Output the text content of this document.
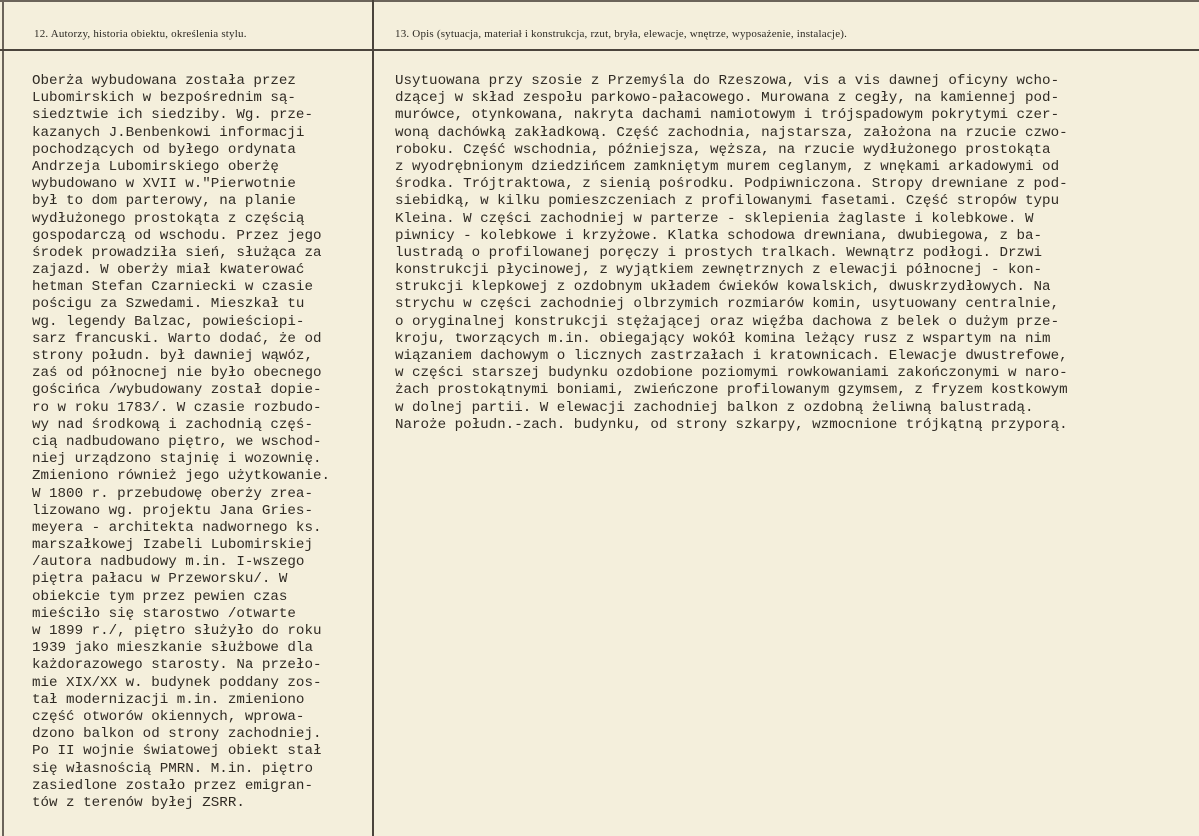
12. Autorzy, historia obiektu, określenia stylu.	13. Opis (sytuacja, materiał i konstrukcja, rzut, bryła, elewacje, wnętrze, wyposażenie, instalacje).
Oberża wybudowana została przez
Lubomirskich w bezpośrednim są-
siedztwie ich siedziby. Wg. prze-
kazanych J.Benbenkowi informacji
pochodzących od byłego ordynata
Andrzeja Lubomirskiego oberżę
wybudowano w XVII w."Pierwotnie
był to dom parterowy, na planie
wydłużonego prostokąta z częścią
gospodarczą od wschodu. Przez jego
środek prowadziła sień, służąca za
zajazd. W oberży miał kwaterować
hetman Stefan Czarniecki w czasie
pościgu za Szwedami. Mieszkał tu
wg. legendy Balzac, powieściopi-
sarz francuski. Warto dodać, że od
strony połudn. był dawniej wąwóz,
zaś od północnej nie było obecnego
gościńca /wybudowany został dopie-
ro w roku 1783/. W czasie rozbudo-
wy nad środkową i zachodnią częś-
cią nadbudowano piętro, we wschod-
niej urządzono stajnię i wozownię.
Zmieniono również jego użytkowanie.
W 1800 r. przebudowę oberży zrea-
lizowano wg. projektu Jana Gries-
meyera - architekta nadwornego ks.
marszałkowej Izabeli Lubomirskiej
/autora nadbudowy m.in. I-wszego
piętra pałacu w Przeworsku/. W
obiekcie tym przez pewien czas
mieściło się starostwo /otwarte
w 1899 r./, piętro służyło do roku
1939 jako mieszkanie służbowe dla
każdorazowego starosty. Na przeło-
mie XIX/XX w. budynek poddany zos-
tał modernizacji m.in. zmieniono
część otworów okiennych, wprowa-
dzono balkon od strony zachodniej.
Po II wojnie światowej obiekt stał
się własnością PMRN. M.in. piętro
zasiedlone zostało przez emigran-
tów z terenów byłej ZSRR.
Usytuowana przy szosie z Przemyśla do Rzeszowa, vis a vis dawnej oficyny wcho-
dzącej w skład zespołu parkowo-pałacowego. Murowana z cegły, na kamiennej pod-
murówce, otynkowana, nakryta dachami namiotowym i trójspadowym pokrytymi czer-
woną dachówką zakładkową. Część zachodnia, najstarsza, założona na rzucie czwo-
roboku. Część wschodnia, późniejsza, węższa, na rzucie wydłużonego prostokąta
z wyodrębnionym dziedzińcem zamkniętym murem ceglanym, z wnękami arkadowymi od
środka. Trójtraktowa, z sienią pośrodku. Podpiwniczona. Stropy drewniane z pod-
siebidką, w kilku pomieszczeniach z profilowanymi fasetami. Część stropów typu
Kleina. W części zachodniej w parterze - sklepienia żaglaste i kolebkowe. W
piwnicy - kolebkowe i krzyżowe. Klatka schodowa drewniana, dwubiegowa, z ba-
lustradą o profilowanej poręczy i prostych tralkach. Wewnątrz podłogi. Drzwi
konstrukcji płycinowej, z wyjątkiem zewnętrznych z elewacji północnej - kon-
strukcji klepkowej z ozdobnym układem ćwieków kowalskich, dwuskrzydłowych. Na
strychu w części zachodniej olbrzymich rozmiarów komin, usytuowany centralnie,
o oryginalnej konstrukcji stężającej oraz więźba dachowa z belek o dużym prze-
kroju, tworzących m.in. obiegający wokół komina leżący rusz z wspartym na nim
wiązaniem dachowym o licznych zastrzałach i kratownicach. Elewacje dwustrefowe,
w części starszej budynku ozdobione poziomymi rowkowaniami zakończonymi w naro-
żach prostokątnymi boniami, zwieńczone profilowanym gzymsem, z fryzem kostkowym
w dolnej partii. W elewacji zachodniej balkon z ozdobną żeliwną balustradą.
Naroże połudn.-zach. budynku, od strony szkarpy, wzmocnione trójkątną przyporą.
